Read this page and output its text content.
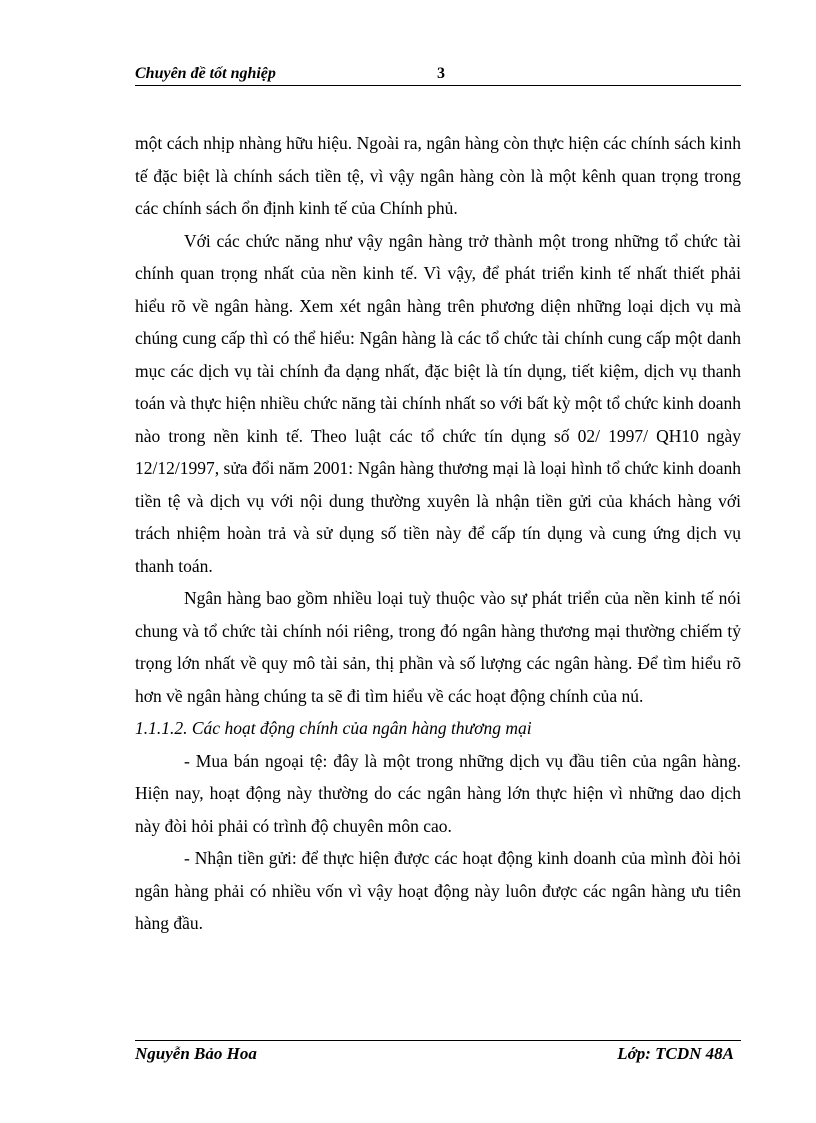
Chuyên đề tốt nghiệp	3

một cách nhịp nhàng hữu hiệu. Ngoài ra, ngân hàng còn thực hiện các chính sách kinh tế đặc biệt là chính sách tiền tệ, vì vậy ngân hàng còn là một kênh quan trọng trong các chính sách ổn định kinh tế của Chính phủ.

Với các chức năng như vậy ngân hàng trở thành một trong những tổ chức tài chính quan trọng nhất của nền kinh tế. Vì vậy, để phát triển kinh tế nhất thiết phải hiểu rõ về ngân hàng. Xem xét ngân hàng trên phương diện những loại dịch vụ mà chúng cung cấp thì có thể hiểu: Ngân hàng là các tổ chức tài chính cung cấp một danh mục các dịch vụ tài chính đa dạng nhất, đặc biệt là tín dụng, tiết kiệm, dịch vụ thanh toán và thực hiện nhiều chức năng tài chính nhất so với bất kỳ một tổ chức kinh doanh nào trong nền kinh tế. Theo luật các tổ chức tín dụng số 02/ 1997/ QH10 ngày 12/12/1997, sửa đổi năm 2001: Ngân hàng thương mại là loại hình tổ chức kinh doanh tiền tệ và dịch vụ với nội dung thường xuyên là nhận tiền gửi của khách hàng với trách nhiệm hoàn trả và sử dụng số tiền này để cấp tín dụng và cung ứng dịch vụ thanh toán.

Ngân hàng bao gồm nhiều loại tuỳ thuộc vào sự phát triển của nền kinh tế nói chung và tổ chức tài chính nói riêng, trong đó ngân hàng thương mại thường chiếm tỷ trọng lớn nhất về quy mô tài sản, thị phần và số lượng các ngân hàng. Để tìm hiểu rõ hơn về ngân hàng chúng ta sẽ đi tìm hiểu về các hoạt động chính của nú.

1.1.1.2. Các hoạt động chính của ngân hàng thương mại

- Mua bán ngoại tệ: đây là một trong những dịch vụ đầu tiên của ngân hàng. Hiện nay, hoạt động này thường do các ngân hàng lớn thực hiện vì những dao dịch này đòi hỏi phải có trình độ chuyên môn cao.

- Nhận tiền gửi: để thực hiện được các hoạt động kinh doanh của mình đòi hỏi ngân hàng phải có nhiều vốn vì vậy hoạt động này luôn được các ngân hàng ưu tiên hàng đầu.

Nguyễn Bảo Hoa	Lớp: TCDN 48A
